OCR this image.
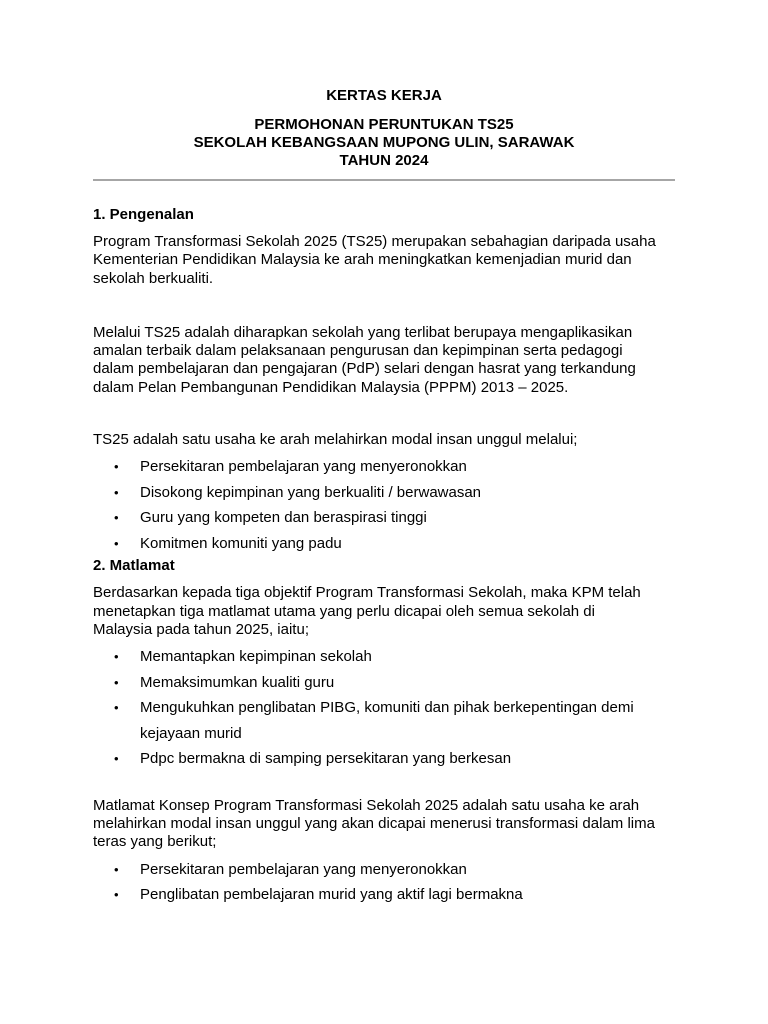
KERTAS KERJA
PERMOHONAN PERUNTUKAN TS25
SEKOLAH KEBANGSAAN MUPONG ULIN, SARAWAK
TAHUN 2024
1. Pengenalan

Program Transformasi Sekolah 2025 (TS25) merupakan sebahagian daripada usaha

Kementerian Pendidikan Malaysia ke arah meningkatkan kemenjadian murid dan

sekolah berkualiti.

Melalui TS25 adalah diharapkan sekolah yang terlibat berupaya mengaplikasikan

amalan terbaik dalam pelaksanaan pengurusan dan kepimpinan serta pedagogi

dalam pembelajaran dan pengajaran (PdP) selari dengan hasrat yang terkandung

dalam Pelan Pembangunan Pendidikan Malaysia (PPPM) 2013 – 2025.

TS25 adalah satu usaha ke arah melahirkan modal insan unggul melalui;

• Persekitaran pembelajaran yang menyeronokkan
• Disokong kepimpinan yang berkualiti / berwawasan
• Guru yang kompeten dan beraspirasi tinggi
• Komitmen komuniti yang padu
2. Matlamat

Berdasarkan kepada tiga objektif Program Transformasi Sekolah, maka KPM telah

menetapkan tiga matlamat utama yang perlu dicapai oleh semua sekolah di

Malaysia pada tahun 2025, iaitu;

• Memantapkan kepimpinan sekolah
• Memaksimumkan kualiti guru
• Mengukuhkan penglibatan PIBG, komuniti dan pihak berkepentingan demi
kejayaan murid
• Pdpc bermakna di samping persekitaran yang berkesan

Matlamat Konsep Program Transformasi Sekolah 2025 adalah satu usaha ke arah

melahirkan modal insan unggul yang akan dicapai menerusi transformasi dalam lima

teras yang berikut;

• Persekitaran pembelajaran yang menyeronokkan
• Penglibatan pembelajaran murid yang aktif lagi bermakna
